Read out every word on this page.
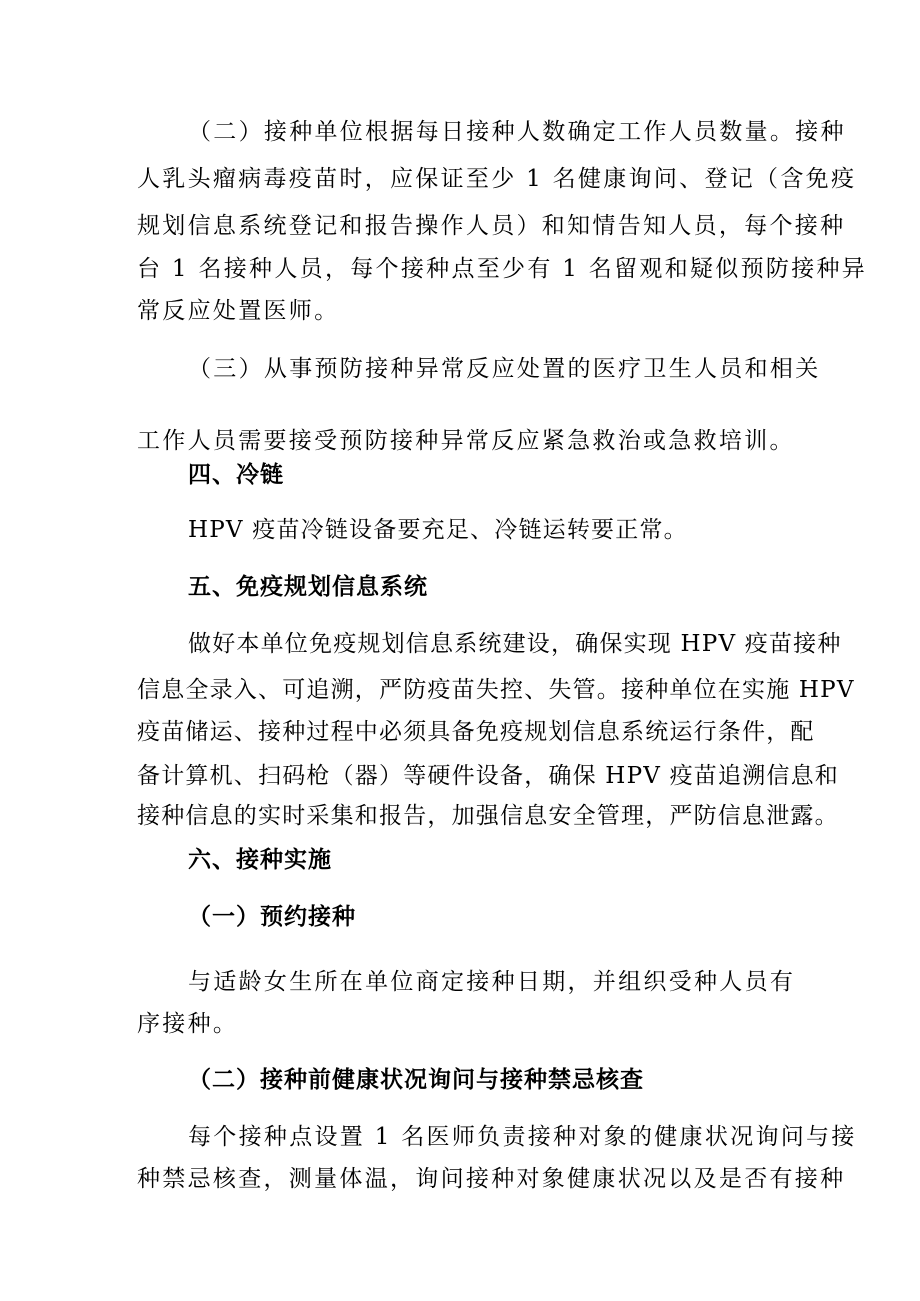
（二）接种单位根据每日接种人数确定工作人员数量。接种
人乳头瘤病毒疫苗时，应保证至少 1 名健康询问、登记（含免疫
规划信息系统登记和报告操作人员）和知情告知人员，每个接种
台 1 名接种人员，每个接种点至少有 1 名留观和疑似预防接种异
常反应处置医师。
（三）从事预防接种异常反应处置的医疗卫生人员和相关
工作人员需要接受预防接种异常反应紧急救治或急救培训。
四、冷链
HPV 疫苗冷链设备要充足、冷链运转要正常。
五、免疫规划信息系统
做好本单位免疫规划信息系统建设，确保实现 HPV 疫苗接种
信息全录入、可追溯，严防疫苗失控、失管。接种单位在实施 HPV
疫苗储运、接种过程中必须具备免疫规划信息系统运行条件，配
备计算机、扫码枪（器）等硬件设备，确保 HPV 疫苗追溯信息和
接种信息的实时采集和报告，加强信息安全管理，严防信息泄露。
六、接种实施
（一）预约接种
与适龄女生所在单位商定接种日期，并组织受种人员有
序接种。
（二）接种前健康状况询问与接种禁忌核查
每个接种点设置 1 名医师负责接种对象的健康状况询问与接
种禁忌核查，测量体温，询问接种对象健康状况以及是否有接种
